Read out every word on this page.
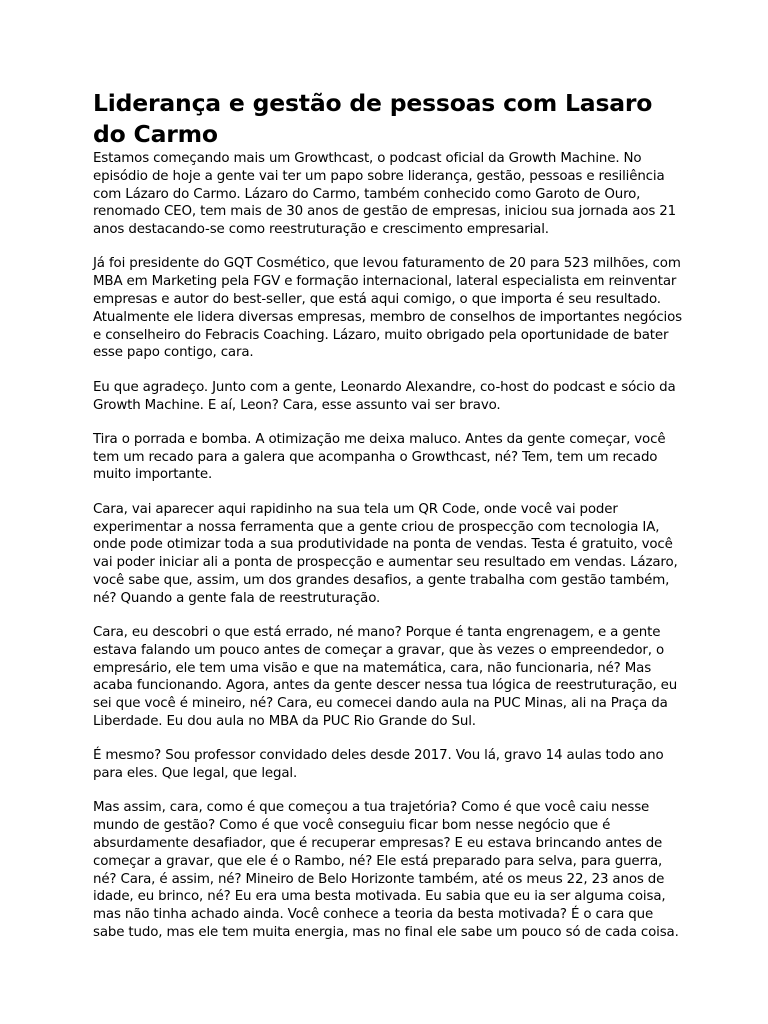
Liderança e gestão de pessoas com Lasaro do Carmo

Estamos começando mais um Growthcast, o podcast oficial da Growth Machine. No episódio de hoje a gente vai ter um papo sobre liderança, gestão, pessoas e resiliência com Lázaro do Carmo. Lázaro do Carmo, também conhecido como Garoto de Ouro, renomado CEO, tem mais de 30 anos de gestão de empresas, iniciou sua jornada aos 21 anos destacando-se como reestruturação e crescimento empresarial.

Já foi presidente do GQT Cosmético, que levou faturamento de 20 para 523 milhões, com MBA em Marketing pela FGV e formação internacional, lateral especialista em reinventar empresas e autor do best-seller, que está aqui comigo, o que importa é seu resultado. Atualmente ele lidera diversas empresas, membro de conselhos de importantes negócios e conselheiro do Febracis Coaching. Lázaro, muito obrigado pela oportunidade de bater esse papo contigo, cara.

Eu que agradeço. Junto com a gente, Leonardo Alexandre, co-host do podcast e sócio da Growth Machine. E aí, Leon? Cara, esse assunto vai ser bravo.

Tira o porrada e bomba. A otimização me deixa maluco. Antes da gente começar, você tem um recado para a galera que acompanha o Growthcast, né? Tem, tem um recado muito importante.

Cara, vai aparecer aqui rapidinho na sua tela um QR Code, onde você vai poder experimentar a nossa ferramenta que a gente criou de prospecção com tecnologia IA, onde pode otimizar toda a sua produtividade na ponta de vendas. Testa é gratuito, você vai poder iniciar ali a ponta de prospecção e aumentar seu resultado em vendas. Lázaro, você sabe que, assim, um dos grandes desafios, a gente trabalha com gestão também, né? Quando a gente fala de reestruturação.

Cara, eu descobri o que está errado, né mano? Porque é tanta engrenagem, e a gente estava falando um pouco antes de começar a gravar, que às vezes o empreendedor, o empresário, ele tem uma visão e que na matemática, cara, não funcionaria, né? Mas acaba funcionando. Agora, antes da gente descer nessa tua lógica de reestruturação, eu sei que você é mineiro, né? Cara, eu comecei dando aula na PUC Minas, ali na Praça da Liberdade. Eu dou aula no MBA da PUC Rio Grande do Sul.

É mesmo? Sou professor convidado deles desde 2017. Vou lá, gravo 14 aulas todo ano para eles. Que legal, que legal.

Mas assim, cara, como é que começou a tua trajetória? Como é que você caiu nesse mundo de gestão? Como é que você conseguiu ficar bom nesse negócio que é absurdamente desafiador, que é recuperar empresas? E eu estava brincando antes de começar a gravar, que ele é o Rambo, né? Ele está preparado para selva, para guerra, né? Cara, é assim, né? Mineiro de Belo Horizonte também, até os meus 22, 23 anos de idade, eu brinco, né? Eu era uma besta motivada. Eu sabia que eu ia ser alguma coisa, mas não tinha achado ainda. Você conhece a teoria da besta motivada? É o cara que sabe tudo, mas ele tem muita energia, mas no final ele sabe um pouco só de cada coisa.
